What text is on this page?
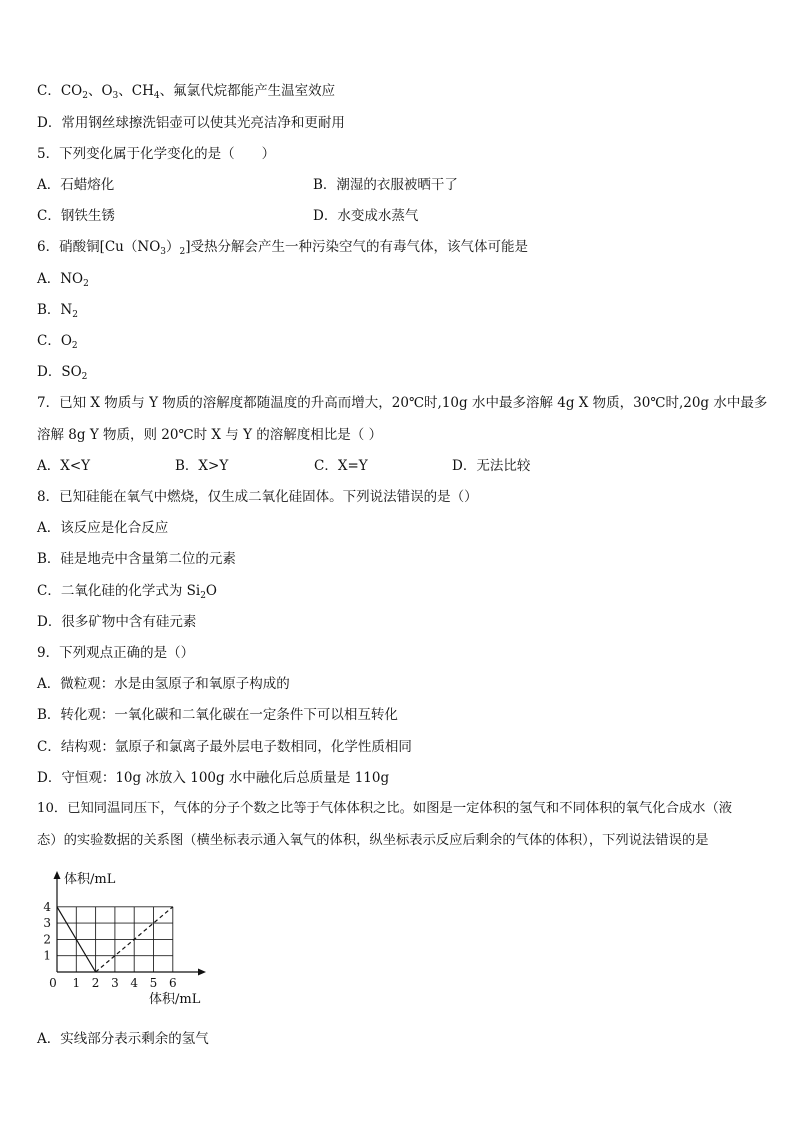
C．$CO_2$、$O_3$、$CH_4$、氟氯代烷都能产生温室效应
D．常用钢丝球擦洗铝壶可以使其光亮洁净和更耐用
5．下列变化属于化学变化的是（　　）
A．石蜡熔化	B．潮湿的衣服被晒干了
C．钢铁生锈	D．水变成水蒸气
6．硝酸铜$[Cu(NO_3)_2]$受热分解会产生一种污染空气的有毒气体，该气体可能是
A．$NO_2$
B．$N_2$
C．$O_2$
D．$SO_2$
7．已知 X 物质与 Y 物质的溶解度都随温度的升高而增大，20℃时,10g 水中最多溶解 4g X 物质，30℃时,20g 水中最多
溶解 8g Y 物质，则 20℃时 X 与 Y 的溶解度相比是（ ）
A．X<Y	B．X>Y	C．X=Y	D．无法比较
8．已知硅能在氧气中燃烧，仅生成二氧化硅固体。下列说法错误的是（）
A．该反应是化合反应
B．硅是地壳中含量第二位的元素
C．二氧化硅的化学式为 $Si_2O$
D．很多矿物中含有硅元素
9．下列观点正确的是（）
A．微粒观：水是由氢原子和氧原子构成的
B．转化观：一氧化碳和二氧化碳在一定条件下可以相互转化
C．结构观：氩原子和氯离子最外层电子数相同，化学性质相同
D．守恒观：10g 冰放入 100g 水中融化后总质量是 110g
10．已知同温同压下，气体的分子个数之比等于气体体积之比。如图是一定体积的氢气和不同体积的氧气化合成水（液
态）的实验数据的关系图（横坐标表示通入氧气的体积，纵坐标表示反应后剩余的气体的体积），下列说法错误的是
体积/mL
体积/mL
0 1 2 3 4 5 6
1
2
3
4
A．实线部分表示剩余的氢气
